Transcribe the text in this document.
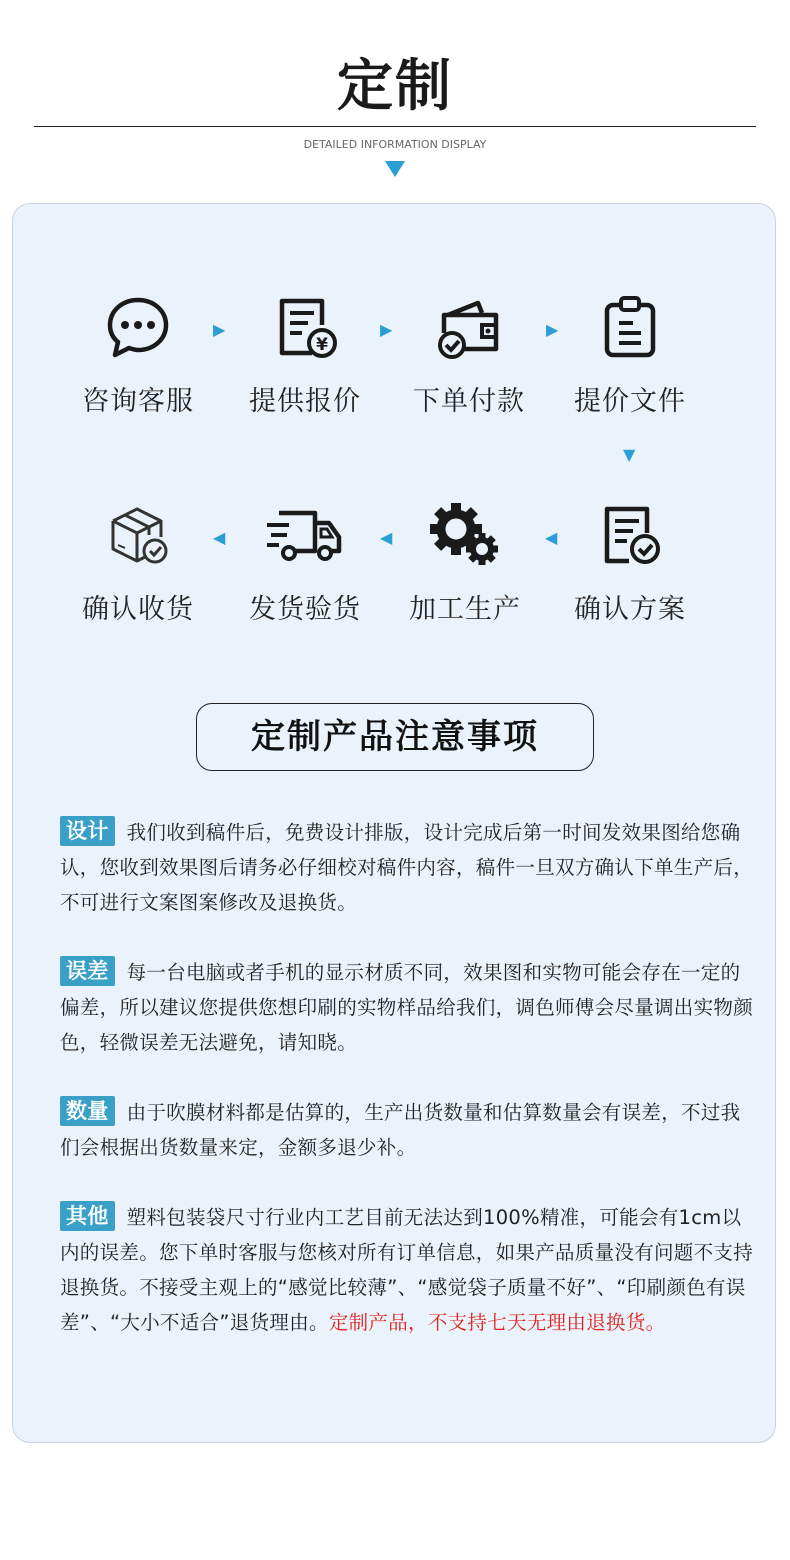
定制
DETAILED INFORMATION DISPLAY
咨询客服
▶
¥
提供报价
▶
下单付款
▶
提价文件
▼
确认方案
◀
加工生产
◀
发货验货
◀
确认收货
定制产品注意事项
设计 我们收到稿件后，免费设计排版，设计完成后第一时间发效果图给您确认，您收到效果图后请务必仔细校对稿件内容，稿件一旦双方确认下单生产后，不可进行文案图案修改及退换货。
误差 每一台电脑或者手机的显示材质不同，效果图和实物可能会存在一定的偏差，所以建议您提供您想印刷的实物样品给我们，调色师傅会尽量调出实物颜色，轻微误差无法避免，请知晓。
数量 由于吹膜材料都是估算的，生产出货数量和估算数量会有误差，不过我们会根据出货数量来定，金额多退少补。
其他 塑料包装袋尺寸行业内工艺目前无法达到100%精准，可能会有1cm以内的误差。您下单时客服与您核对所有订单信息，如果产品质量没有问题不支持退换货。不接受主观上的“感觉比较薄”、“感觉袋子质量不好”、“印刷颜色有误差”、“大小不适合”退货理由。定制产品，不支持七天无理由退换货。
